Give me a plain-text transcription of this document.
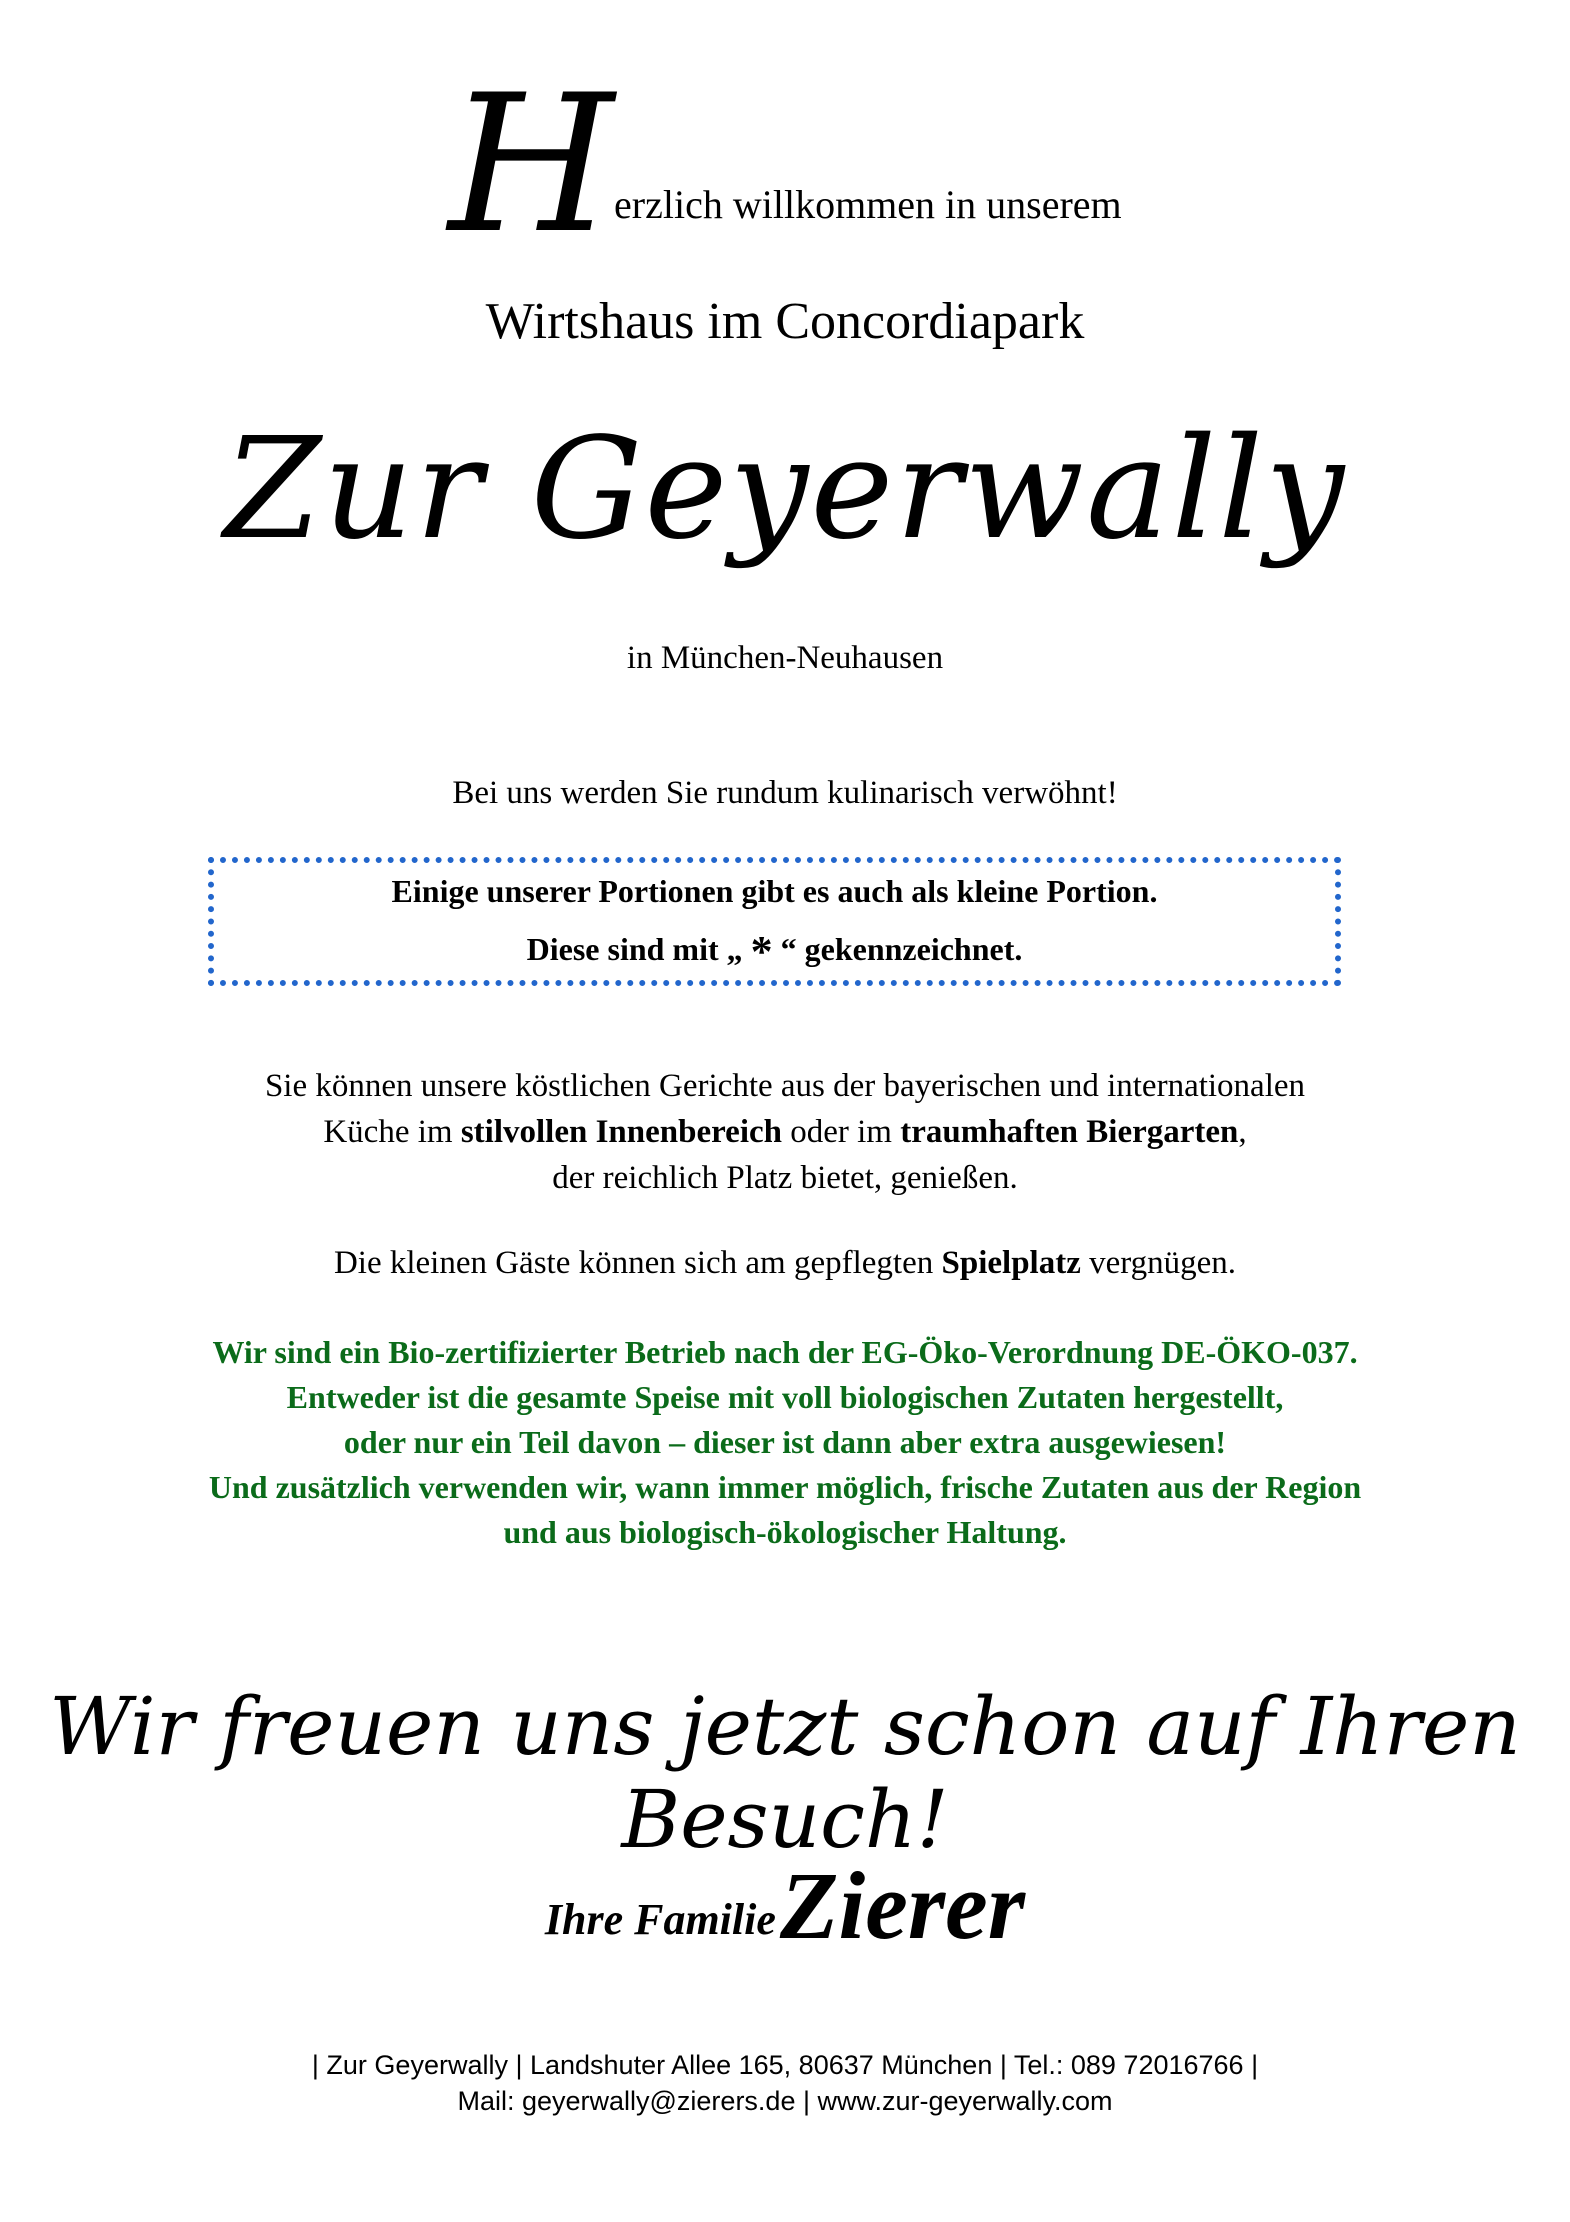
Herzlich willkommen in unserem
Wirtshaus im Concordiapark
Zur Geyerwally
in München-Neuhausen
Bei uns werden Sie rundum kulinarisch verwöhnt!
Einige unserer Portionen gibt es auch als kleine Portion.
Diese sind mit „ * “ gekennzeichnet.
Sie können unsere köstlichen Gerichte aus der bayerischen und internationalen
Küche im stilvollen Innenbereich oder im traumhaften Biergarten,
der reichlich Platz bietet, genießen.
Die kleinen Gäste können sich am gepflegten Spielplatz vergnügen.
Wir sind ein Bio-zertifizierter Betrieb nach der EG-Öko-Verordnung DE-ÖKO-037.
Entweder ist die gesamte Speise mit voll biologischen Zutaten hergestellt,
oder nur ein Teil davon – dieser ist dann aber extra ausgewiesen!
Und zusätzlich verwenden wir, wann immer möglich, frische Zutaten aus der Region
und aus biologisch-ökologischer Haltung.
Wir freuen uns jetzt schon auf Ihren Besuch!
Ihre Familie Zierer
| Zur Geyerwally | Landshuter Allee 165, 80637 München | Tel.: 089 72016766 |
Mail: geyerwally@zierers.de | www.zur-geyerwally.com
